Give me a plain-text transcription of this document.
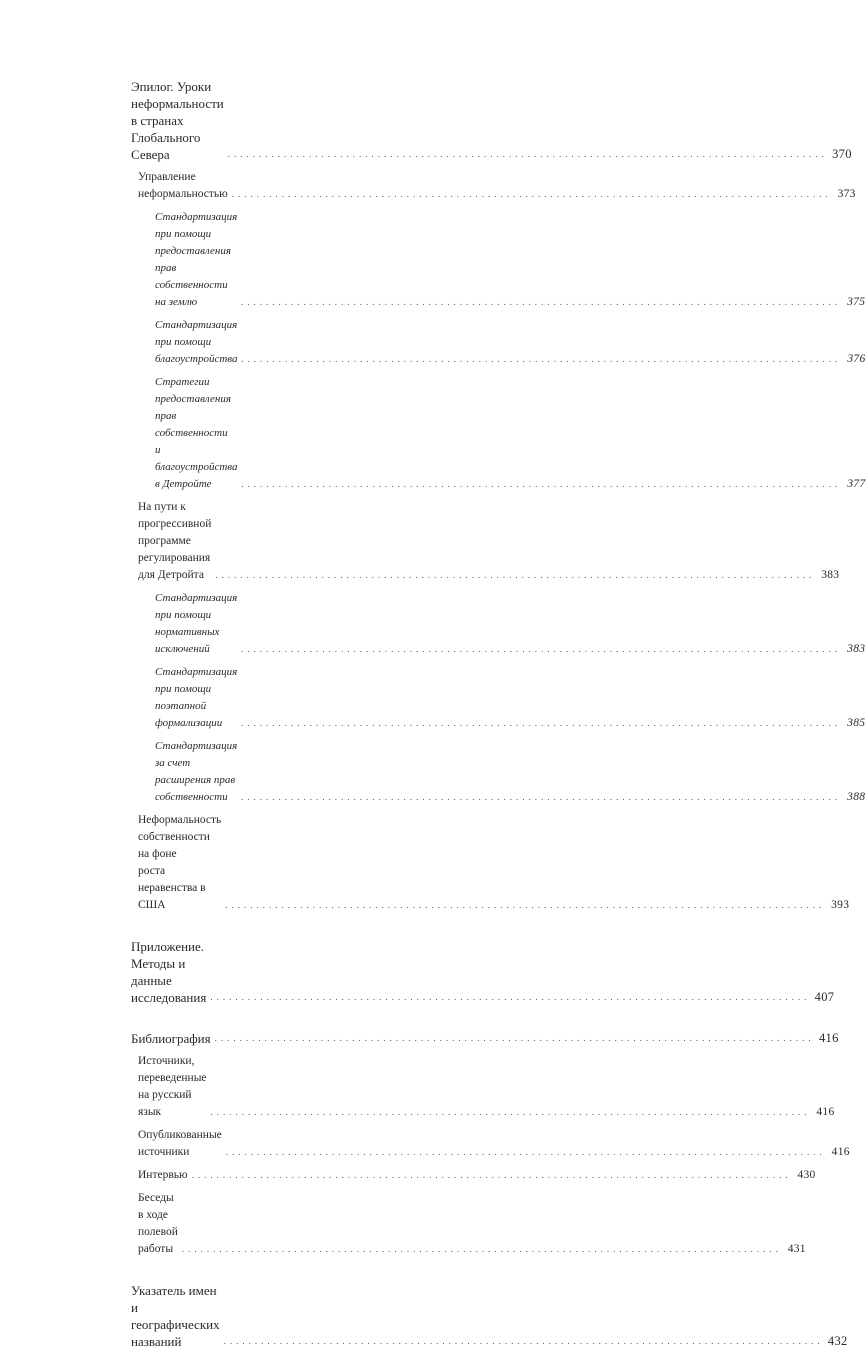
Эпилог. Уроки неформальности
в странах Глобального Севера	................................................................................................ 370
Управление неформальностью ................................................................................................ 373
Стандартизация при помощи предоставления
прав собственности на землю	................................................................................................ 375
Стандартизация при помощи благоустройства ................................................................................................ 376
Стратегии предоставления прав собственности
и благоустройства в Детройте	................................................................................................ 377
На пути к прогрессивной программе
регулирования для Детройта	................................................................................................ 383
Стандартизация при помощи нормативных исключений	................................................................................................ 383
Стандартизация при помощи поэтапной формализации	................................................................................................ 385
Стандартизация за счет расширения прав собственности	................................................................................................ 388
Неформальность собственности на фоне
роста неравенства в США	................................................................................................ 393
Приложение. Методы и данные исследования ................................................................................................ 407
Библиография ................................................................................................ 416
Источники, переведенные на русский язык	................................................................................................ 416
Опубликованные источники	................................................................................................ 416
Интервью ................................................................................................ 430
Беседы в ходе полевой работы ................................................................................................ 431
Указатель имен и географических названий	................................................................................................ 432
